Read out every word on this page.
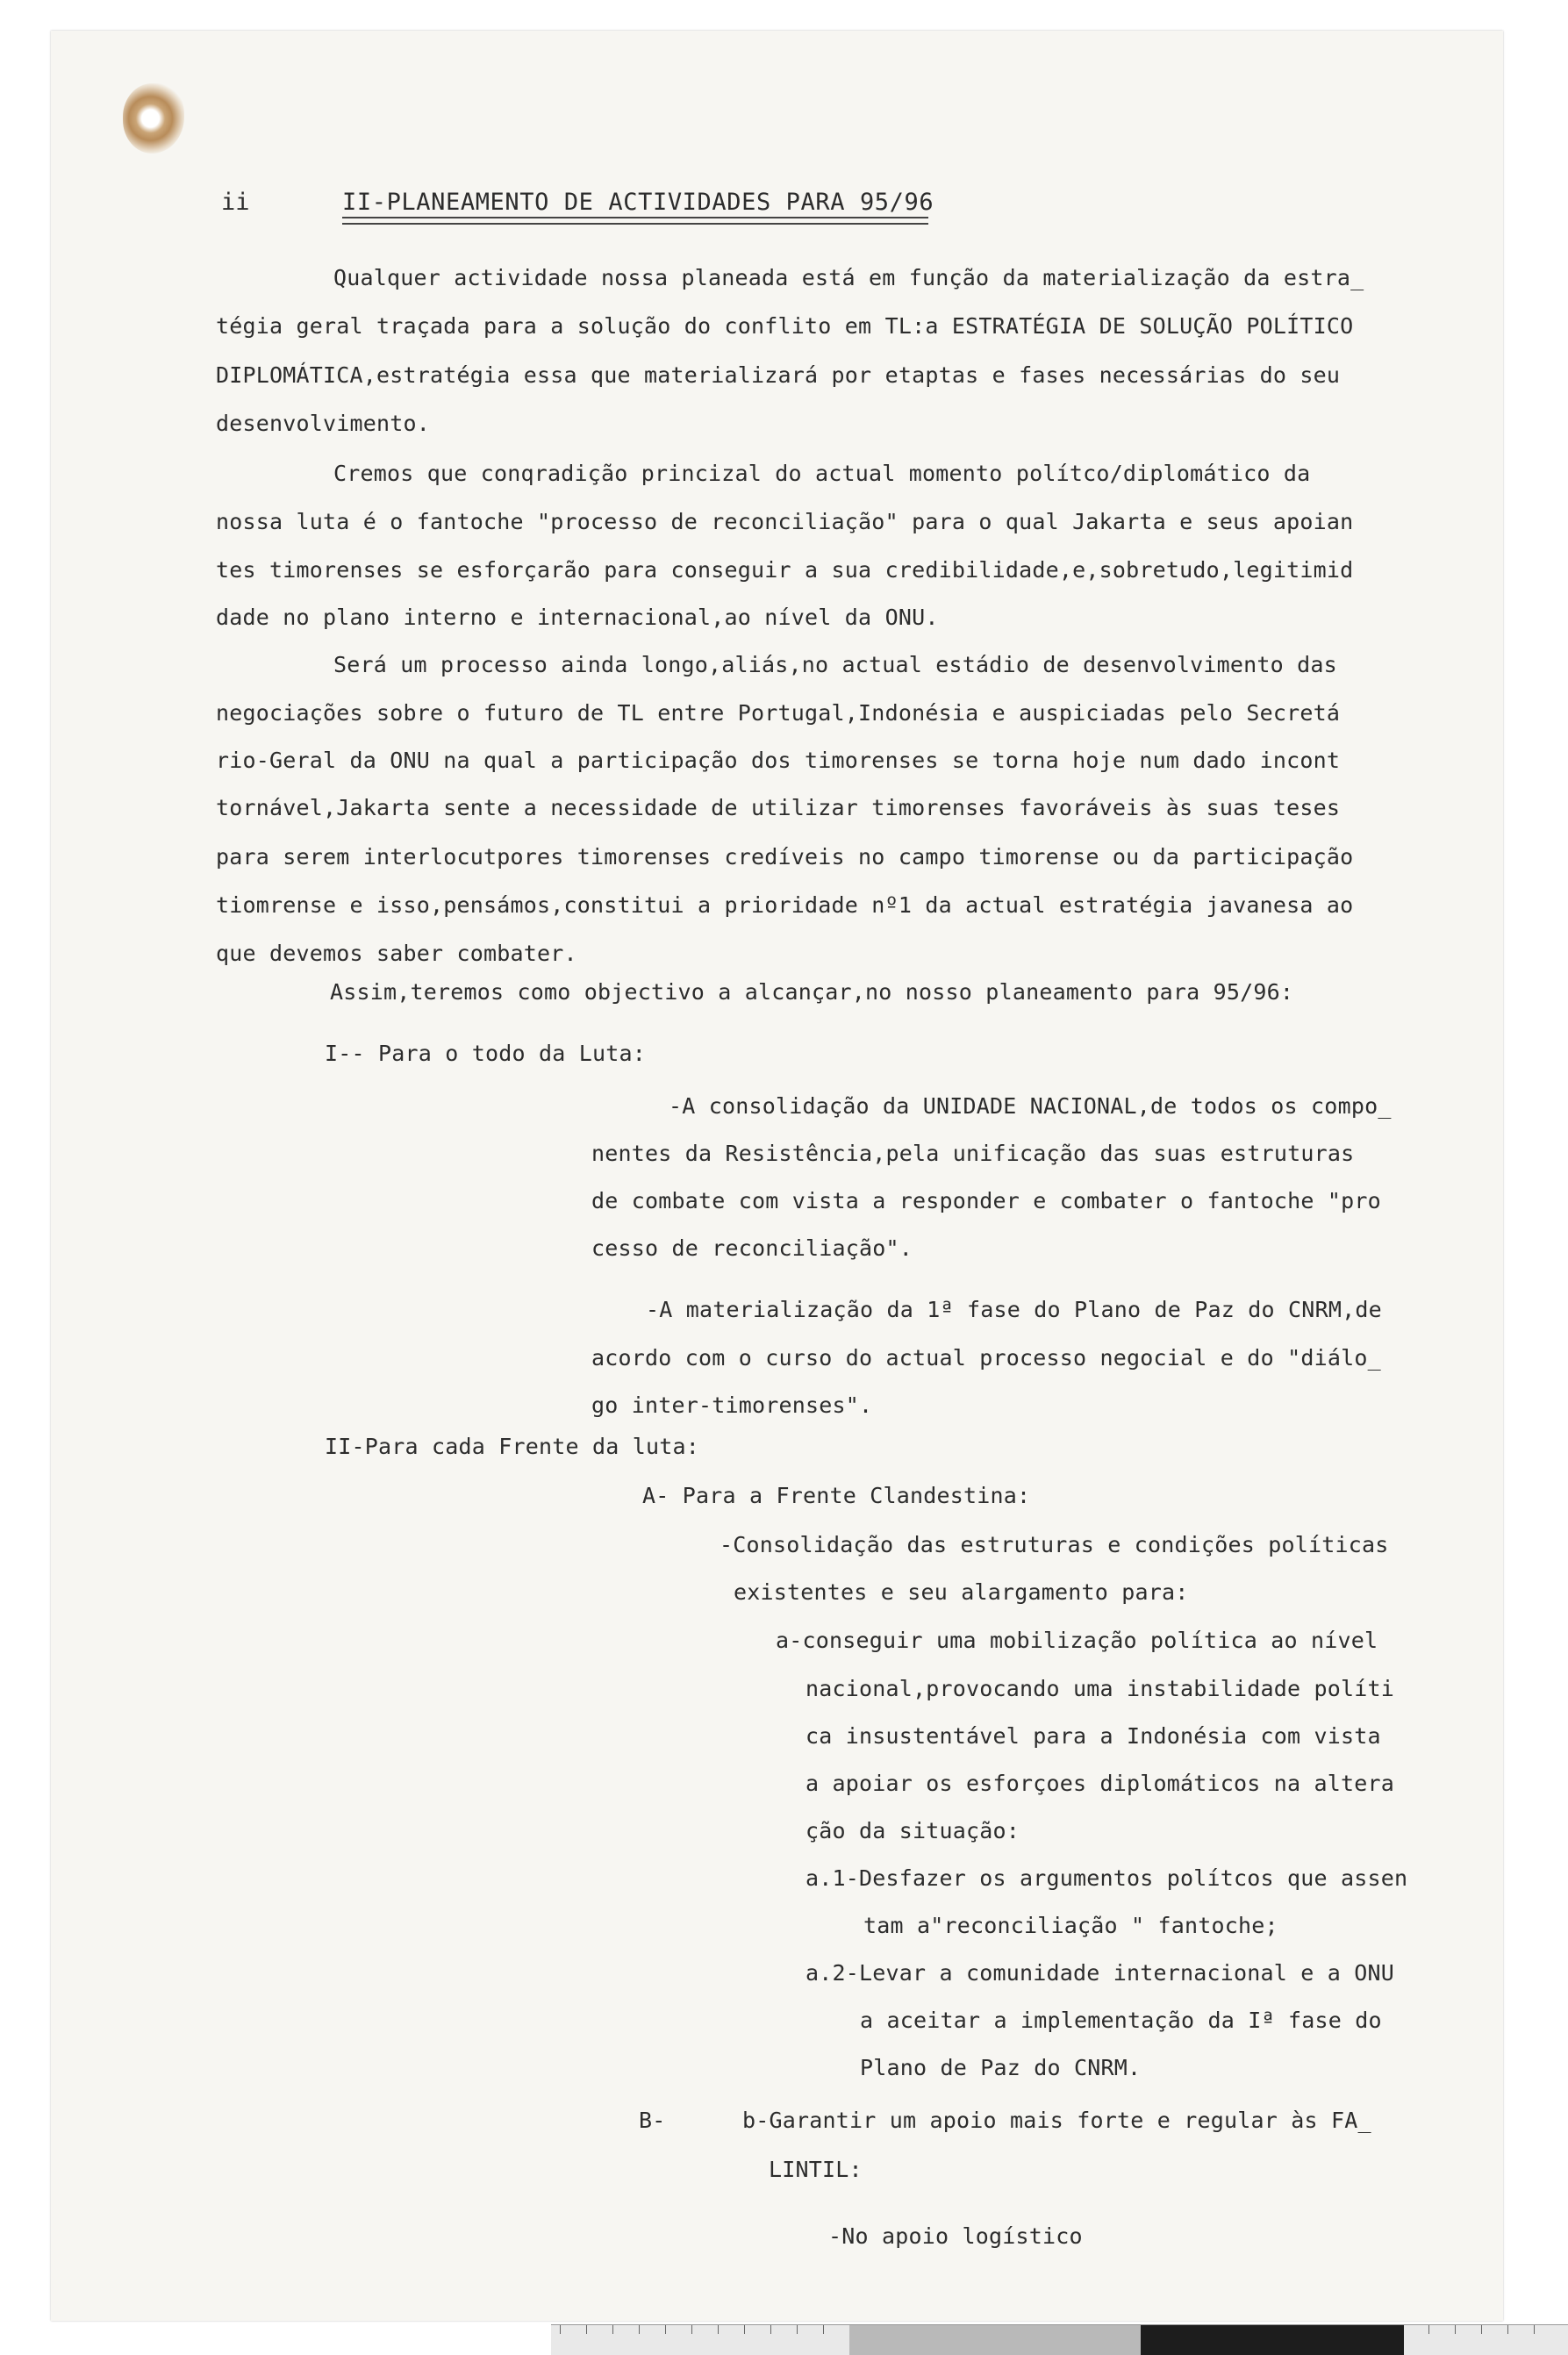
ii	II-PLANEAMENTO DE ACTIVIDADES PARA 95/96
Qualquer actividade nossa planeada está em função da materialização da estra_
tégia geral traçada para a solução do conflito em TL:a ESTRATÉGIA DE SOLUÇÃO POLÍTICO
DIPLOMÁTICA,estratégia essa que materializará por etaptas e fases necessárias do seu
desenvolvimento.
Cremos que conqradição princizal do actual momento polítco/diplomático da
nossa luta é o fantoche "processo de reconciliação" para o qual Jakarta e seus apoian
tes timorenses se esforçarão para conseguir a sua credibilidade,e,sobretudo,legitimid
dade no plano interno e internacional,ao nível da ONU.
Será um processo ainda longo,aliás,no actual estádio de desenvolvimento das
negociações sobre o futuro de TL entre Portugal,Indonésia e auspiciadas pelo Secretá
rio-Geral da ONU na qual a participação dos timorenses se torna hoje num dado incont
tornável,Jakarta sente a necessidade de utilizar timorenses favoráveis às suas teses
para serem interlocutpores timorenses credíveis no campo timorense ou da participação
tiomrense e isso,pensámos,constitui a prioridade nº1 da actual estratégia javanesa ao
que devemos saber combater.
Assim,teremos como objectivo a alcançar,no nosso planeamento para 95/96:
I-- Para o todo da Luta:
-A consolidação da UNIDADE NACIONAL,de todos os compo_
nentes da Resistência,pela unificação das suas estruturas
de combate com vista a responder e combater o fantoche "pro
cesso de reconciliação".
-A materialização da 1ª fase do Plano de Paz do CNRM,de
acordo com o curso do actual processo negocial e do "diálo_
go inter-timorenses".
II-Para cada Frente da luta:
A- Para a Frente Clandestina:
-Consolidação das estruturas e condições políticas
existentes e seu alargamento para:
a-conseguir uma mobilização política ao nível
nacional,provocando uma instabilidade políti
ca insustentável para a Indonésia com vista
a apoiar os esforçoes diplomáticos na altera
ção da situação:
a.1-Desfazer os argumentos polítcos que assen
tam a"reconciliação " fantoche;
a.2-Levar a comunidade internacional e a ONU
a aceitar a implementação da Iª fase do
Plano de Paz do CNRM.
B-	b-Garantir um apoio mais forte e regular às FA_
LINTIL:
-No apoio logístico
